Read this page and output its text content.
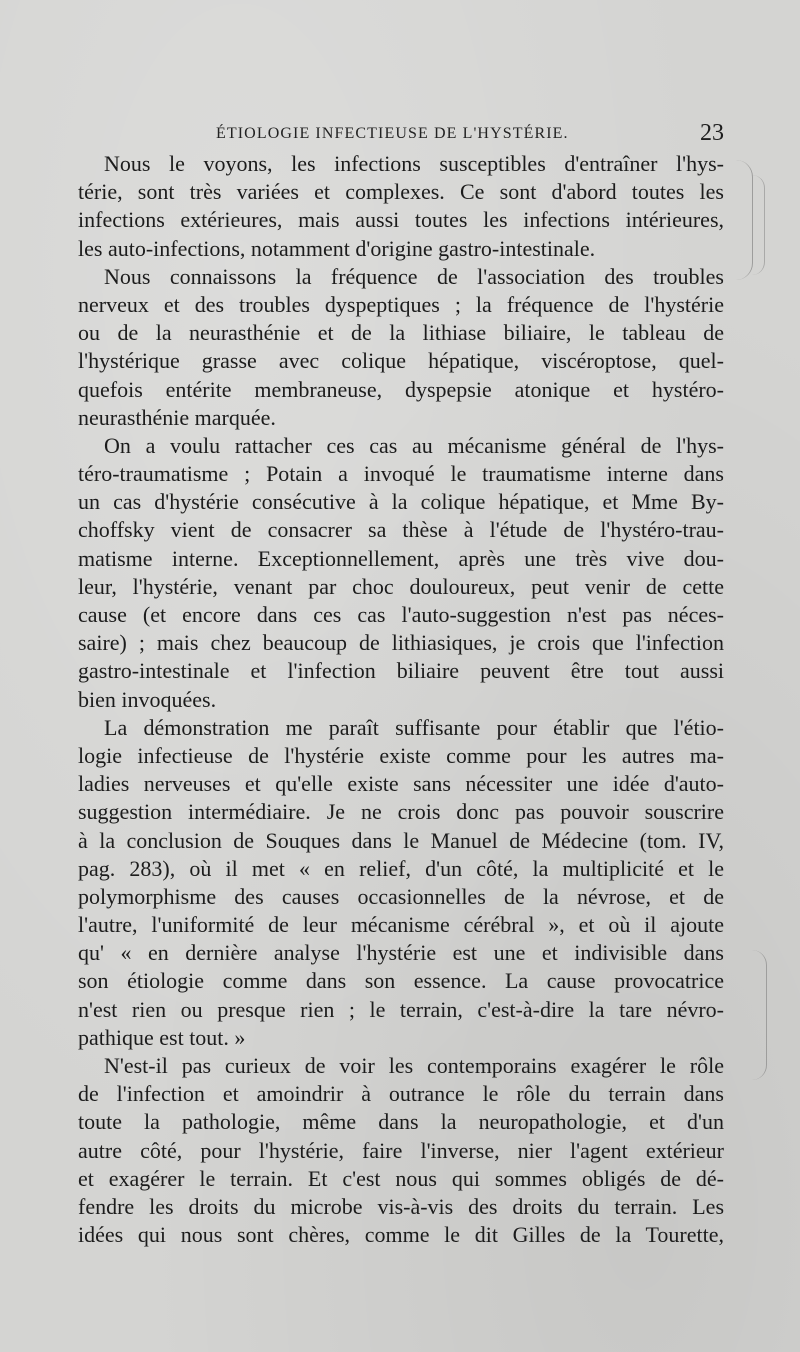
ÉTIOLOGIE INFECTIEUSE DE L'HYSTÉRIE.	23
Nous le voyons, les infections susceptibles d'entraîner l'hys-
térie, sont très variées et complexes. Ce sont d'abord toutes les
infections extérieures, mais aussi toutes les infections intérieures,
les auto-infections, notamment d'origine gastro-intestinale.
Nous connaissons la fréquence de l'association des troubles
nerveux et des troubles dyspeptiques ; la fréquence de l'hystérie
ou de la neurasthénie et de la lithiase biliaire, le tableau de
l'hystérique grasse avec colique hépatique, viscéroptose, quel-
quefois entérite membraneuse, dyspepsie atonique et hystéro-
neurasthénie marquée.
On a voulu rattacher ces cas au mécanisme général de l'hys-
téro-traumatisme ; Potain a invoqué le traumatisme interne dans
un cas d'hystérie consécutive à la colique hépatique, et Mme By-
choffsky vient de consacrer sa thèse à l'étude de l'hystéro-trau-
matisme interne. Exceptionnellement, après une très vive dou-
leur, l'hystérie, venant par choc douloureux, peut venir de cette
cause (et encore dans ces cas l'auto-suggestion n'est pas néces-
saire) ; mais chez beaucoup de lithiasiques, je crois que l'infection
gastro-intestinale et l'infection biliaire peuvent être tout aussi
bien invoquées.
La démonstration me paraît suffisante pour établir que l'étio-
logie infectieuse de l'hystérie existe comme pour les autres ma-
ladies nerveuses et qu'elle existe sans nécessiter une idée d'auto-
suggestion intermédiaire. Je ne crois donc pas pouvoir souscrire
à la conclusion de Souques dans le Manuel de Médecine (tom. IV,
pag. 283), où il met « en relief, d'un côté, la multiplicité et le
polymorphisme des causes occasionnelles de la névrose, et de
l'autre, l'uniformité de leur mécanisme cérébral », et où il ajoute
qu' « en dernière analyse l'hystérie est une et indivisible dans
son étiologie comme dans son essence. La cause provocatrice
n'est rien ou presque rien ; le terrain, c'est-à-dire la tare névro-
pathique est tout. »
N'est-il pas curieux de voir les contemporains exagérer le rôle
de l'infection et amoindrir à outrance le rôle du terrain dans
toute la pathologie, même dans la neuropathologie, et d'un
autre côté, pour l'hystérie, faire l'inverse, nier l'agent extérieur
et exagérer le terrain. Et c'est nous qui sommes obligés de dé-
fendre les droits du microbe vis-à-vis des droits du terrain. Les
idées qui nous sont chères, comme le dit Gilles de la Tourette,
